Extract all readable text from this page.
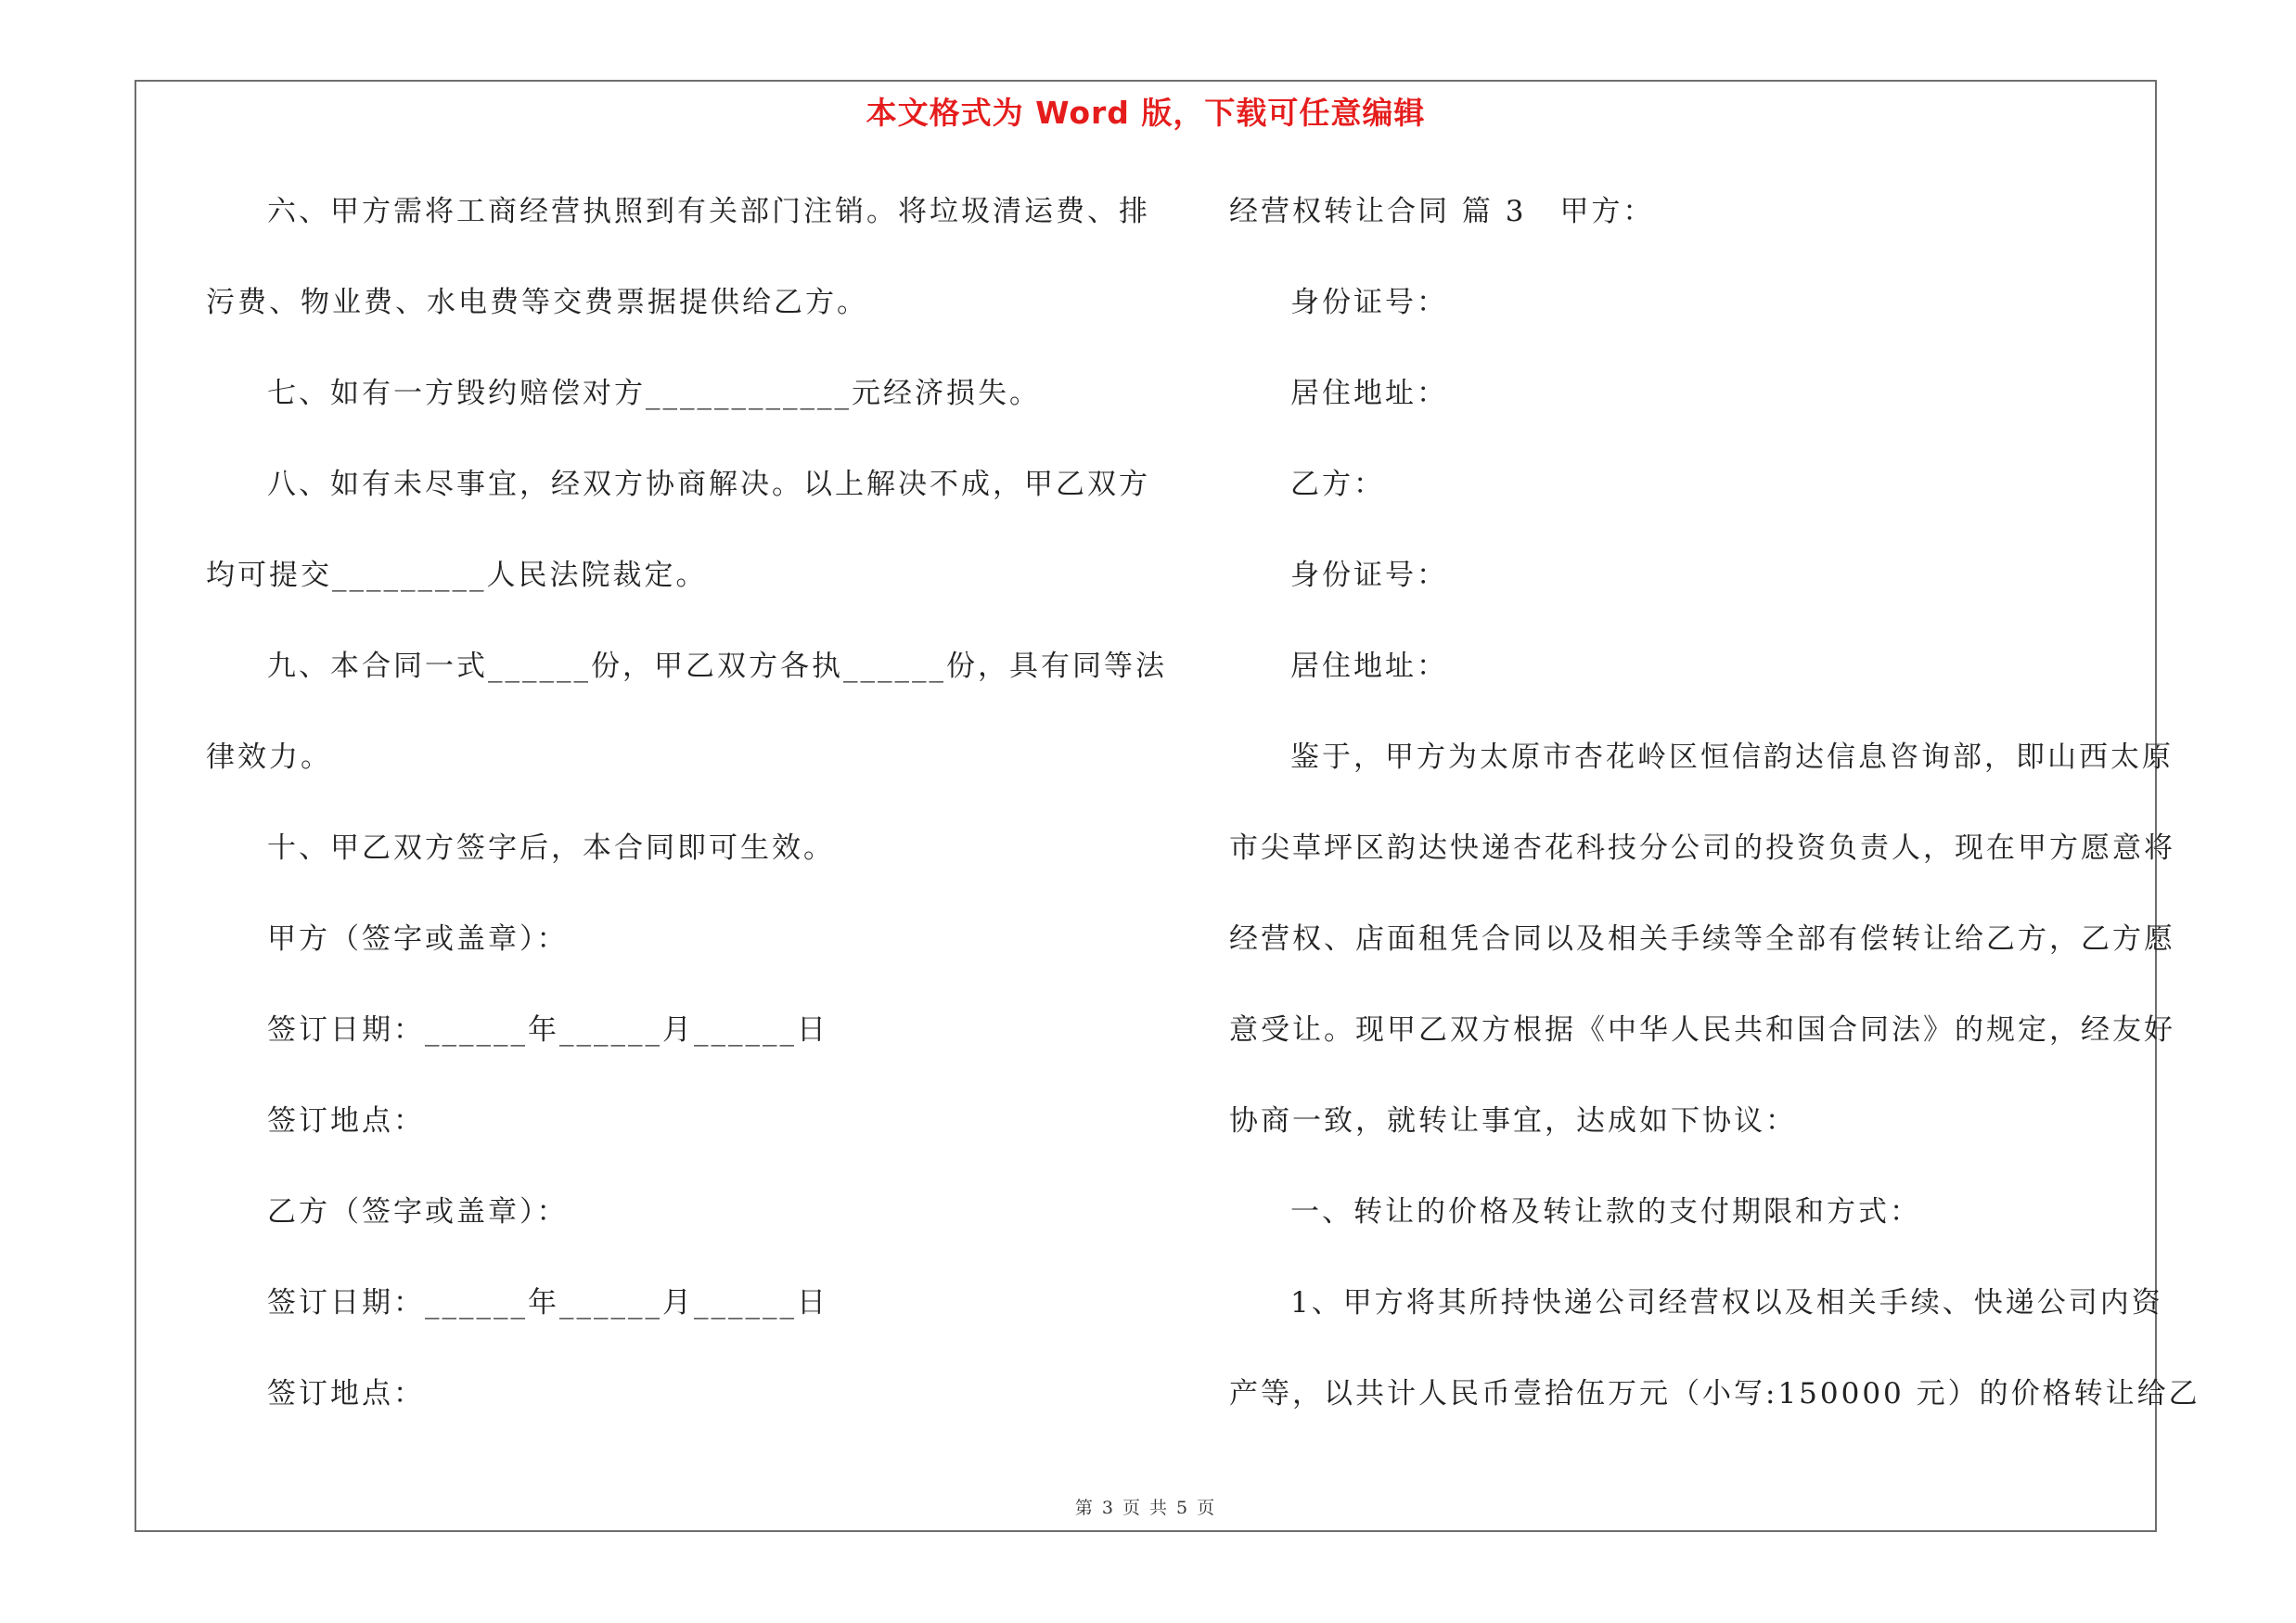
本文格式为 Word 版，下载可任意编辑
六、甲方需将工商经营执照到有关部门注销。将垃圾清运费、排
污费、物业费、水电费等交费票据提供给乙方。
七、如有一方毁约赔偿对方____________元经济损失。
八、如有未尽事宜，经双方协商解决。以上解决不成，甲乙双方
均可提交_________人民法院裁定。
九、本合同一式______份，甲乙双方各执______份，具有同等法
律效力。
十、甲乙双方签字后，本合同即可生效。
甲方（签字或盖章）：
签订日期：______年______月______日
签订地点：
乙方（签字或盖章）：
签订日期：______年______月______日
签订地点：
经营权转让合同 篇 3 甲方：
身份证号：
居住地址：
乙方：
身份证号：
居住地址：
鉴于，甲方为太原市杏花岭区恒信韵达信息咨询部，即山西太原
市尖草坪区韵达快递杏花科技分公司的投资负责人，现在甲方愿意将
经营权、店面租凭合同以及相关手续等全部有偿转让给乙方，乙方愿
意受让。现甲乙双方根据《中华人民共和国合同法》的规定，经友好
协商一致，就转让事宜，达成如下协议：
一、转让的价格及转让款的支付期限和方式：
1、甲方将其所持快递公司经营权以及相关手续、快递公司内资
产等，以共计人民币壹拾伍万元（小写:150000 元）的价格转让给乙
第 3 页 共 5 页
